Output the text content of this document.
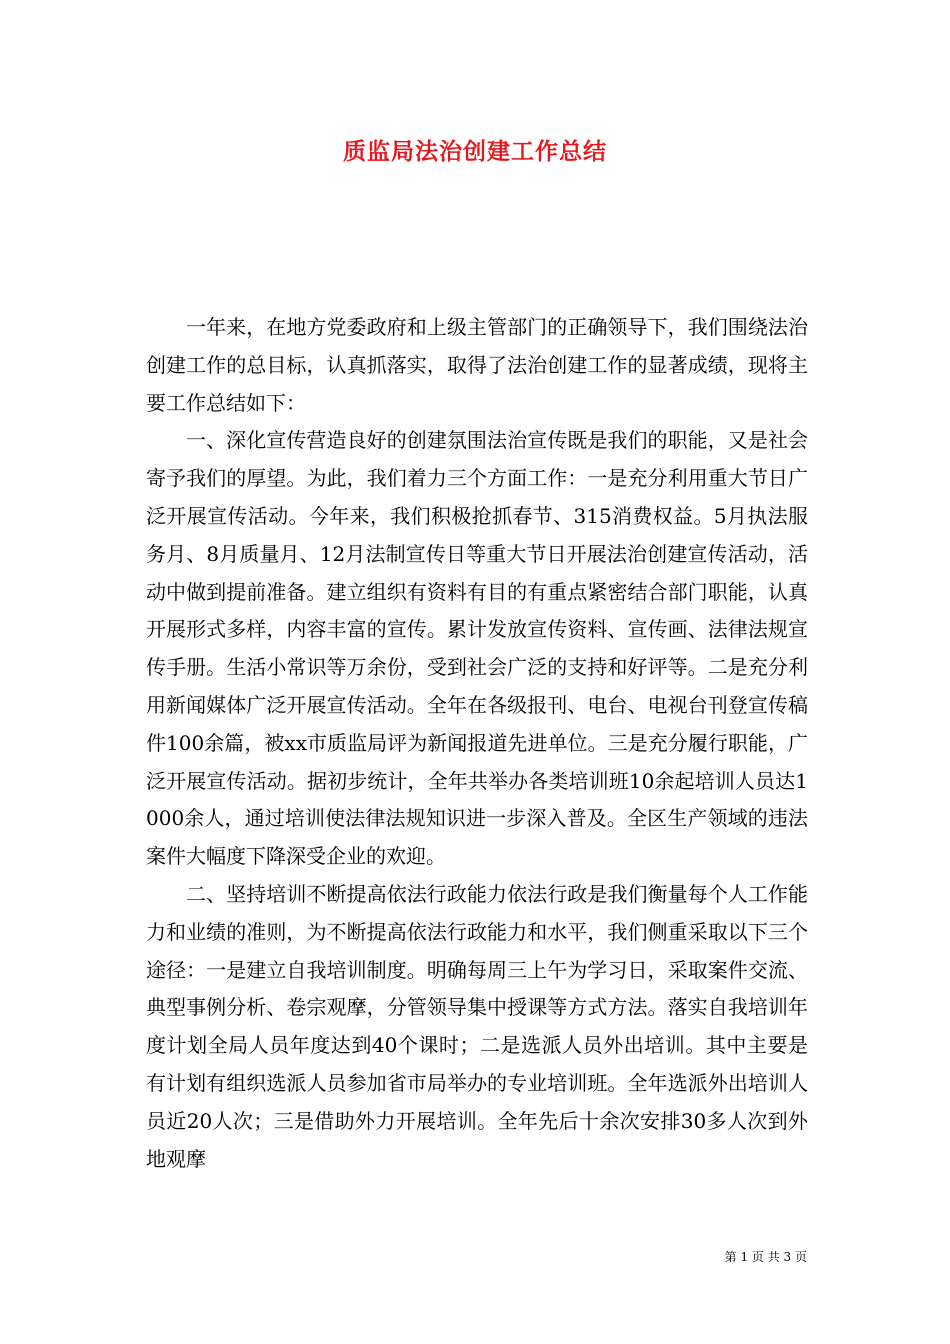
质监局法治创建工作总结

一年来，在地方党委政府和上级主管部门的正确领导下，我们围绕法治创建工作的总目标，认真抓落实，取得了法治创建工作的显著成绩，现将主要工作总结如下：

一、深化宣传营造良好的创建氛围法治宣传既是我们的职能，又是社会寄予我们的厚望。为此，我们着力三个方面工作：一是充分利用重大节日广泛开展宣传活动。今年来，我们积极抢抓春节、315消费权益。5月执法服务月、8月质量月、12月法制宣传日等重大节日开展法治创建宣传活动，活动中做到提前准备。建立组织有资料有目的有重点紧密结合部门职能，认真开展形式多样，内容丰富的宣传。累计发放宣传资料、宣传画、法律法规宣传手册。生活小常识等万余份，受到社会广泛的支持和好评等。二是充分利用新闻媒体广泛开展宣传活动。全年在各级报刊、电台、电视台刊登宣传稿件100余篇，被xx市质监局评为新闻报道先进单位。三是充分履行职能，广泛开展宣传活动。据初步统计，全年共举办各类培训班10余起培训人员达1000余人，通过培训使法律法规知识进一步深入普及。全区生产领域的违法案件大幅度下降深受企业的欢迎。

二、坚持培训不断提高依法行政能力依法行政是我们衡量每个人工作能力和业绩的准则，为不断提高依法行政能力和水平，我们侧重采取以下三个途径：一是建立自我培训制度。明确每周三上午为学习日，采取案件交流、典型事例分析、卷宗观摩，分管领导集中授课等方式方法。落实自我培训年度计划全局人员年度达到40个课时；二是选派人员外出培训。其中主要是有计划有组织选派人员参加省市局举办的专业培训班。全年选派外出培训人员近20人次；三是借助外力开展培训。全年先后十余次安排30多人次到外地观摩

第 1 页 共 3 页
